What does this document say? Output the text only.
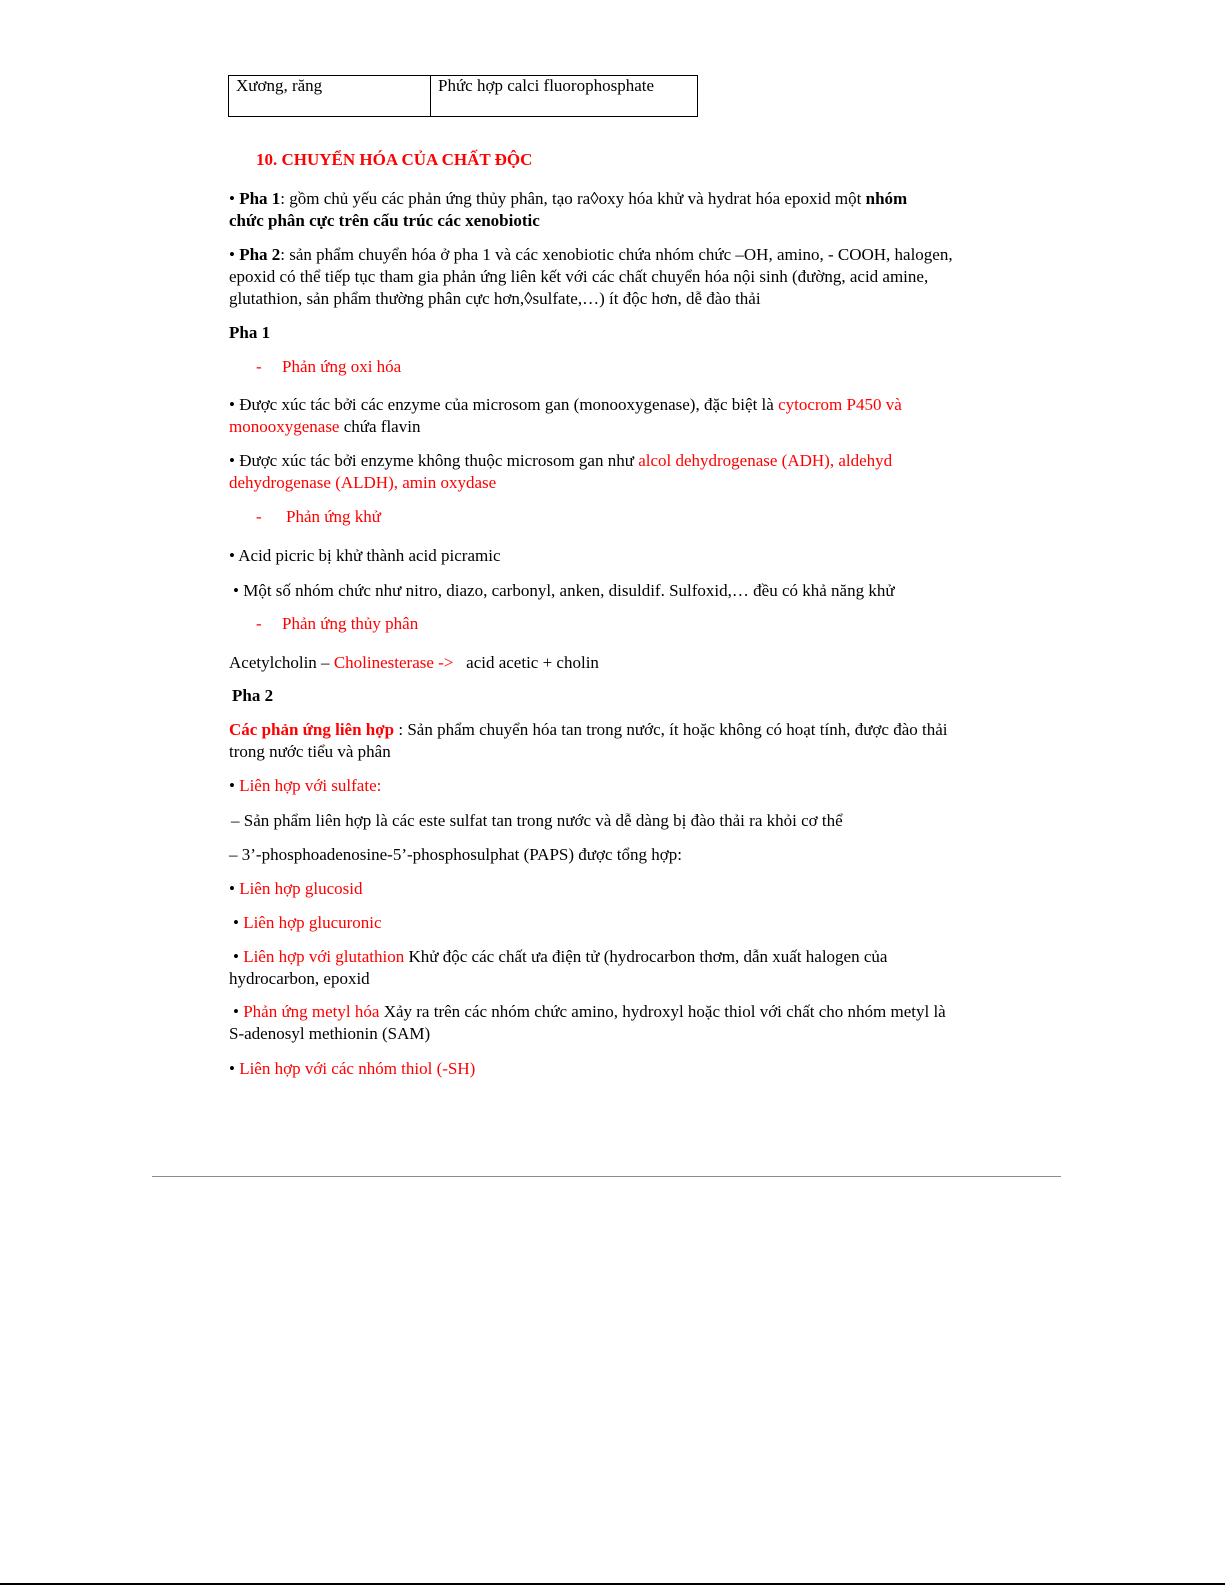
Xương, răng	Phức hợp calci fluorophosphate
10. CHUYỂN HÓA CỦA CHẤT ĐỘC
• Pha 1: gồm chủ yếu các phản ứng thủy phân, tạo ra◊oxy hóa khử và hydrat hóa epoxid một nhóm
chức phân cực trên cấu trúc các xenobiotic
• Pha 2: sản phẩm chuyển hóa ở pha 1 và các xenobiotic chứa nhóm chức –OH, amino, - COOH, halogen,
epoxid có thể tiếp tục tham gia phản ứng liên kết với các chất chuyển hóa nội sinh (đường, acid amine,
glutathion, sản phẩm thường phân cực hơn,◊sulfate,…) ít độc hơn, dễ đào thải
Pha 1
- Phản ứng oxi hóa
• Được xúc tác bởi các enzyme của microsom gan (monooxygenase), đặc biệt là cytocrom P450 và
monooxygenase chứa flavin
• Được xúc tác bởi enzyme không thuộc microsom gan như alcol dehydrogenase (ADH), aldehyd
dehydrogenase (ALDH), amin oxydase
- Phản ứng khử
• Acid picric bị khử thành acid picramic
• Một số nhóm chức như nitro, diazo, carbonyl, anken, disuldif. Sulfoxid,… đều có khả năng khử
- Phản ứng thủy phân
Acetylcholin – Cholinesterase ->   acid acetic + cholin
Pha 2
Các phản ứng liên hợp : Sản phẩm chuyển hóa tan trong nước, ít hoặc không có hoạt tính, được đào thải
trong nước tiểu và phân
• Liên hợp với sulfate:
– Sản phẩm liên hợp là các este sulfat tan trong nước và dễ dàng bị đào thải ra khỏi cơ thể
– 3’-phosphoadenosine-5’-phosphosulphat (PAPS) được tổng hợp:
• Liên hợp glucosid
• Liên hợp glucuronic
• Liên hợp với glutathion Khử độc các chất ưa điện tử (hydrocarbon thơm, dẫn xuất halogen của
hydrocarbon, epoxid
• Phản ứng metyl hóa Xảy ra trên các nhóm chức amino, hydroxyl hoặc thiol với chất cho nhóm metyl là
S-adenosyl methionin (SAM)
• Liên hợp với các nhóm thiol (-SH)
